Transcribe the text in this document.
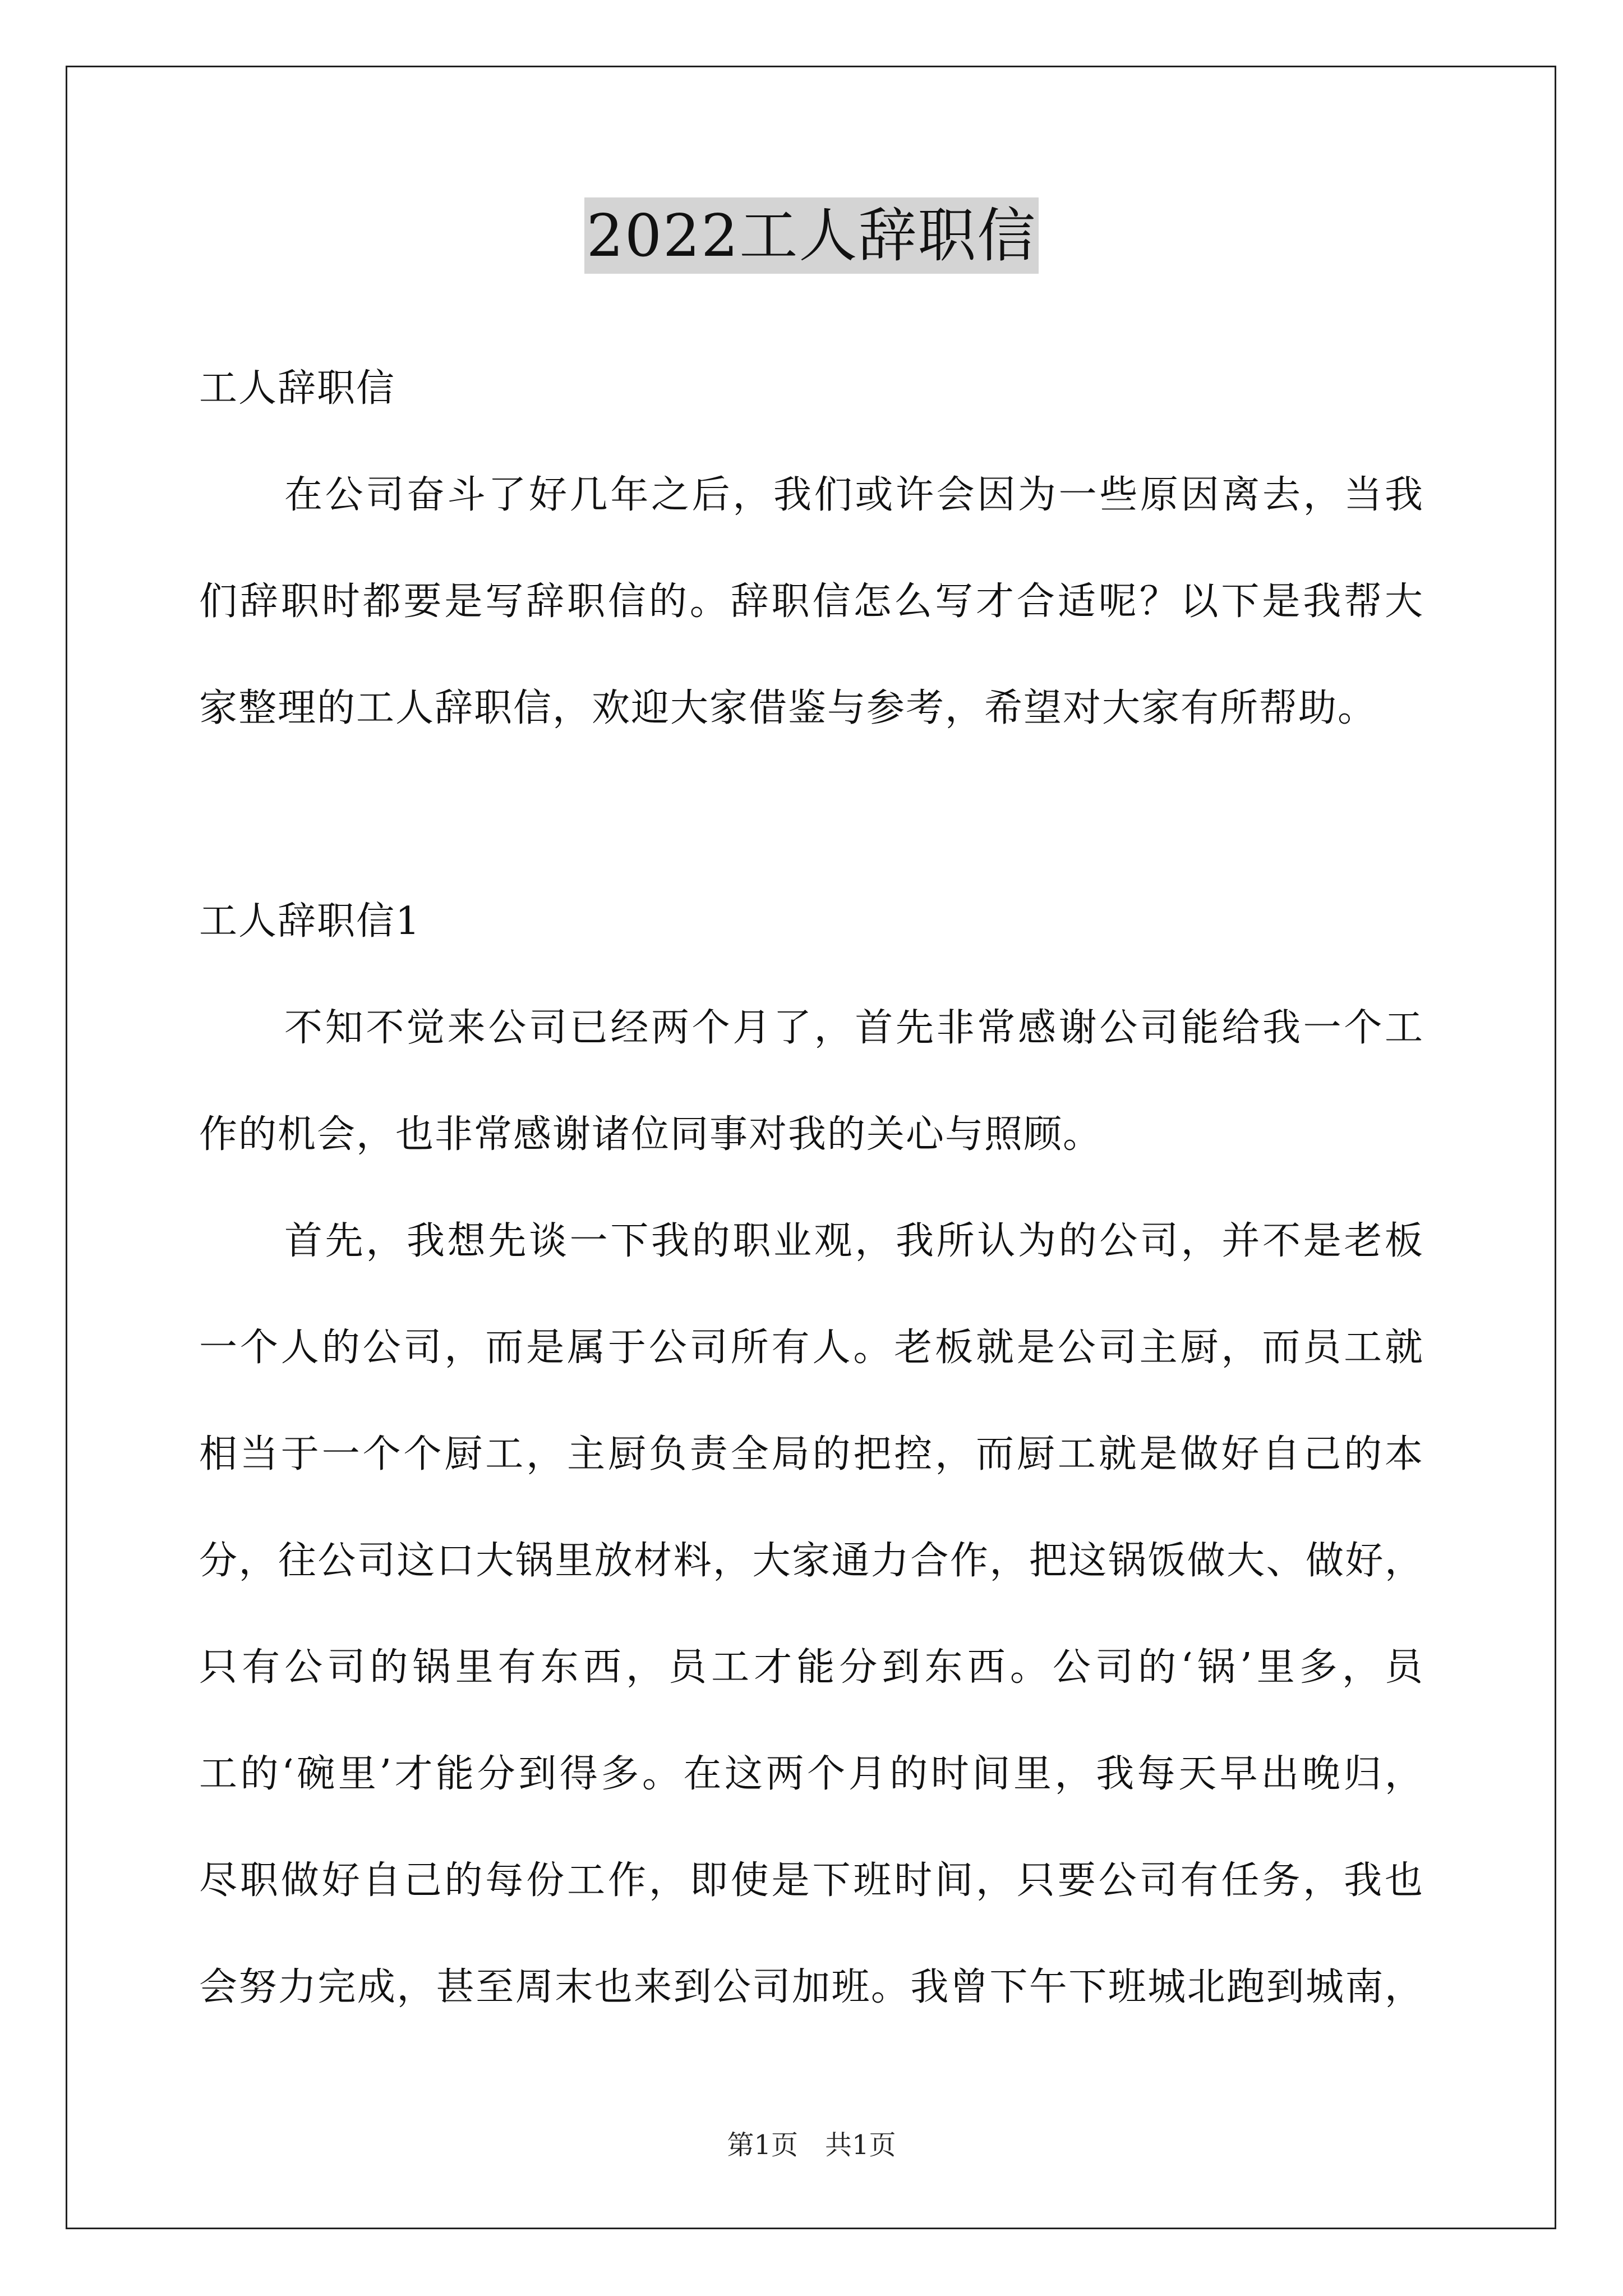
2022工人辞职信
工人辞职信
在公司奋斗了好几年之后，我们或许会因为一些原因离去，当我
们辞职时都要是写辞职信的。辞职信怎么写才合适呢？以下是我帮大
家整理的工人辞职信，欢迎大家借鉴与参考，希望对大家有所帮助。
工人辞职信1
不知不觉来公司已经两个月了，首先非常感谢公司能给我一个工
作的机会，也非常感谢诸位同事对我的关心与照顾。
首先，我想先谈一下我的职业观，我所认为的公司，并不是老板
一个人的公司，而是属于公司所有人。老板就是公司主厨，而员工就
相当于一个个厨工，主厨负责全局的把控，而厨工就是做好自己的本
分，往公司这口大锅里放材料，大家通力合作，把这锅饭做大、做好，
只有公司的锅里有东西，员工才能分到东西。公司的‘锅’里多，员
工的‘碗里’才能分到得多。在这两个月的时间里，我每天早出晚归，
尽职做好自己的每份工作，即使是下班时间，只要公司有任务，我也
会努力完成，甚至周末也来到公司加班。我曾下午下班城北跑到城南，
第1页 共1页
